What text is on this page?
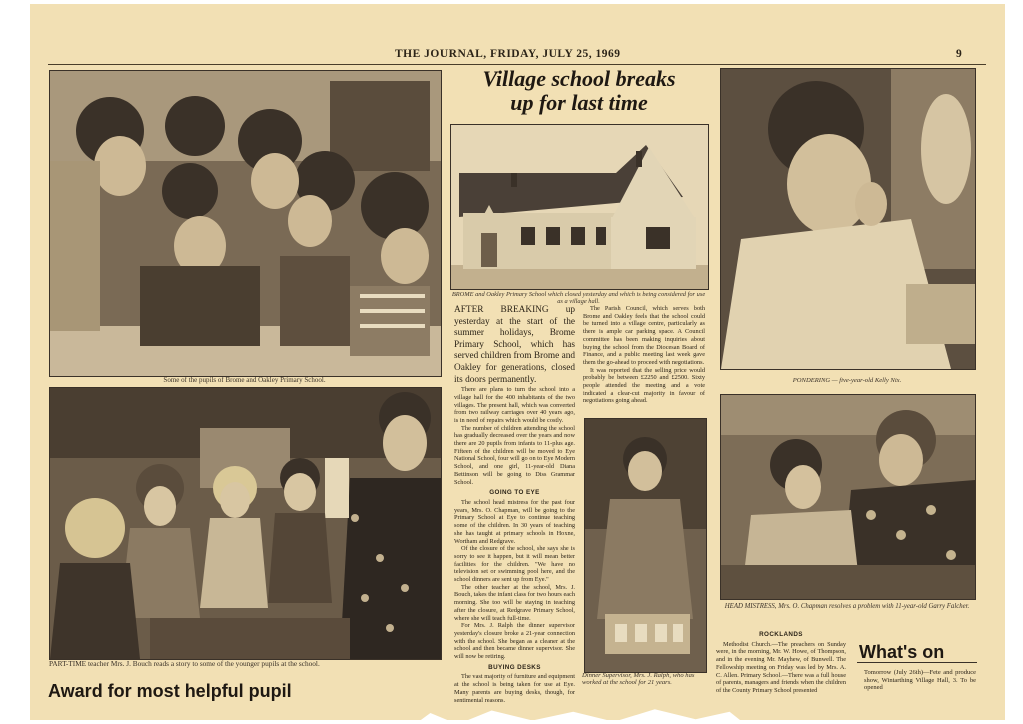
THE JOURNAL, FRIDAY, JULY 25, 1969	9
Some of the pupils of Brome and Oakley Primary School.
Village school breaks
up for last time
BROME and Oakley Primary School which closed yesterday and which is being considered for use as a village hall.
AFTER BREAKING up yesterday at the start of the summer holidays, Brome Primary School, which has served children from Brome and Oakley for generations, closed its doors permanently.

There are plans to turn the school into a village hall for the 400 inhabitants of the two villages. The present hall, which was converted from two railway carriages over 40 years ago, is in need of repairs which would be costly.

The number of children attending the school has gradually decreased over the years and now there are 20 pupils from infants to 11-plus age. Fifteen of the children will be moved to Eye National School, four will go on to Eye Modern School, and one girl, 11-year-old Diana Bettinson will be going to Diss Grammar School.

GOING TO EYE

The school head mistress for the past four years, Mrs. O. Chapman, will be going to the Primary School at Eye to continue teaching some of the children. In 30 years of teaching she has taught at primary schools in Hoxne, Wortham and Redgrave.

Of the closure of the school, she says she is sorry to see it happen, but it will mean better facilities for the children. "We have no television set or swimming pool here, and the school dinners are sent up from Eye."

The other teacher at the school, Mrs. J. Bouch, takes the infant class for two hours each morning. She too will be staying in teaching after the closure, at Redgrave Primary School, where she will teach full-time.

For Mrs. J. Ralph the dinner supervisor yesterday's closure broke a 21-year connection with the school. She began as a cleaner at the school and then became dinner supervisor. She will now be retiring.

BUYING DESKS

The vast majority of furniture and equipment at the school is being taken for use at Eye. Many parents are buying desks, though, for sentimental reasons.

The Parish Council, which serves both Brome and Oakley feels that the school could be turned into a village centre, particularly as there is ample car parking space. A Council committee has been making inquiries about buying the school from the Diocesan Board of Finance, and a public meeting last week gave them the go-ahead to proceed with negotiations.

It was reported that the selling price would probably be between £2250 and £2500. Sixty people attended the meeting and a vote indicated a clear-cut majority in favour of negotiations going ahead.

Dinner Supervisor, Mrs. J. Ralph, who has worked at the school for 21 years.
PONDERING — five-year-old Kelly Nix.
PART-TIME teacher Mrs. J. Bouch reads a story to some of the younger pupils at the school.
HEAD MISTRESS, Mrs. O. Chapman resolves a problem with 11-year-old Garry Falcher.
ROCKLANDS

Methodist Church.—The preachers on Sunday were, in the morning, Mr. W. Howe, of Thompson, and in the evening Mr. Mayhew, of Bunwell. The Fellowship meeting on Friday was led by Mrs. A. C. Allen. Primary School.—There was a full house of parents, managers and friends when the children of the County Primary School presented

What's on
Tomorrow (July 26th)—Fete and produce show, Wintarthing Village Hall, 3. To be opened
Award for most helpful pupil
